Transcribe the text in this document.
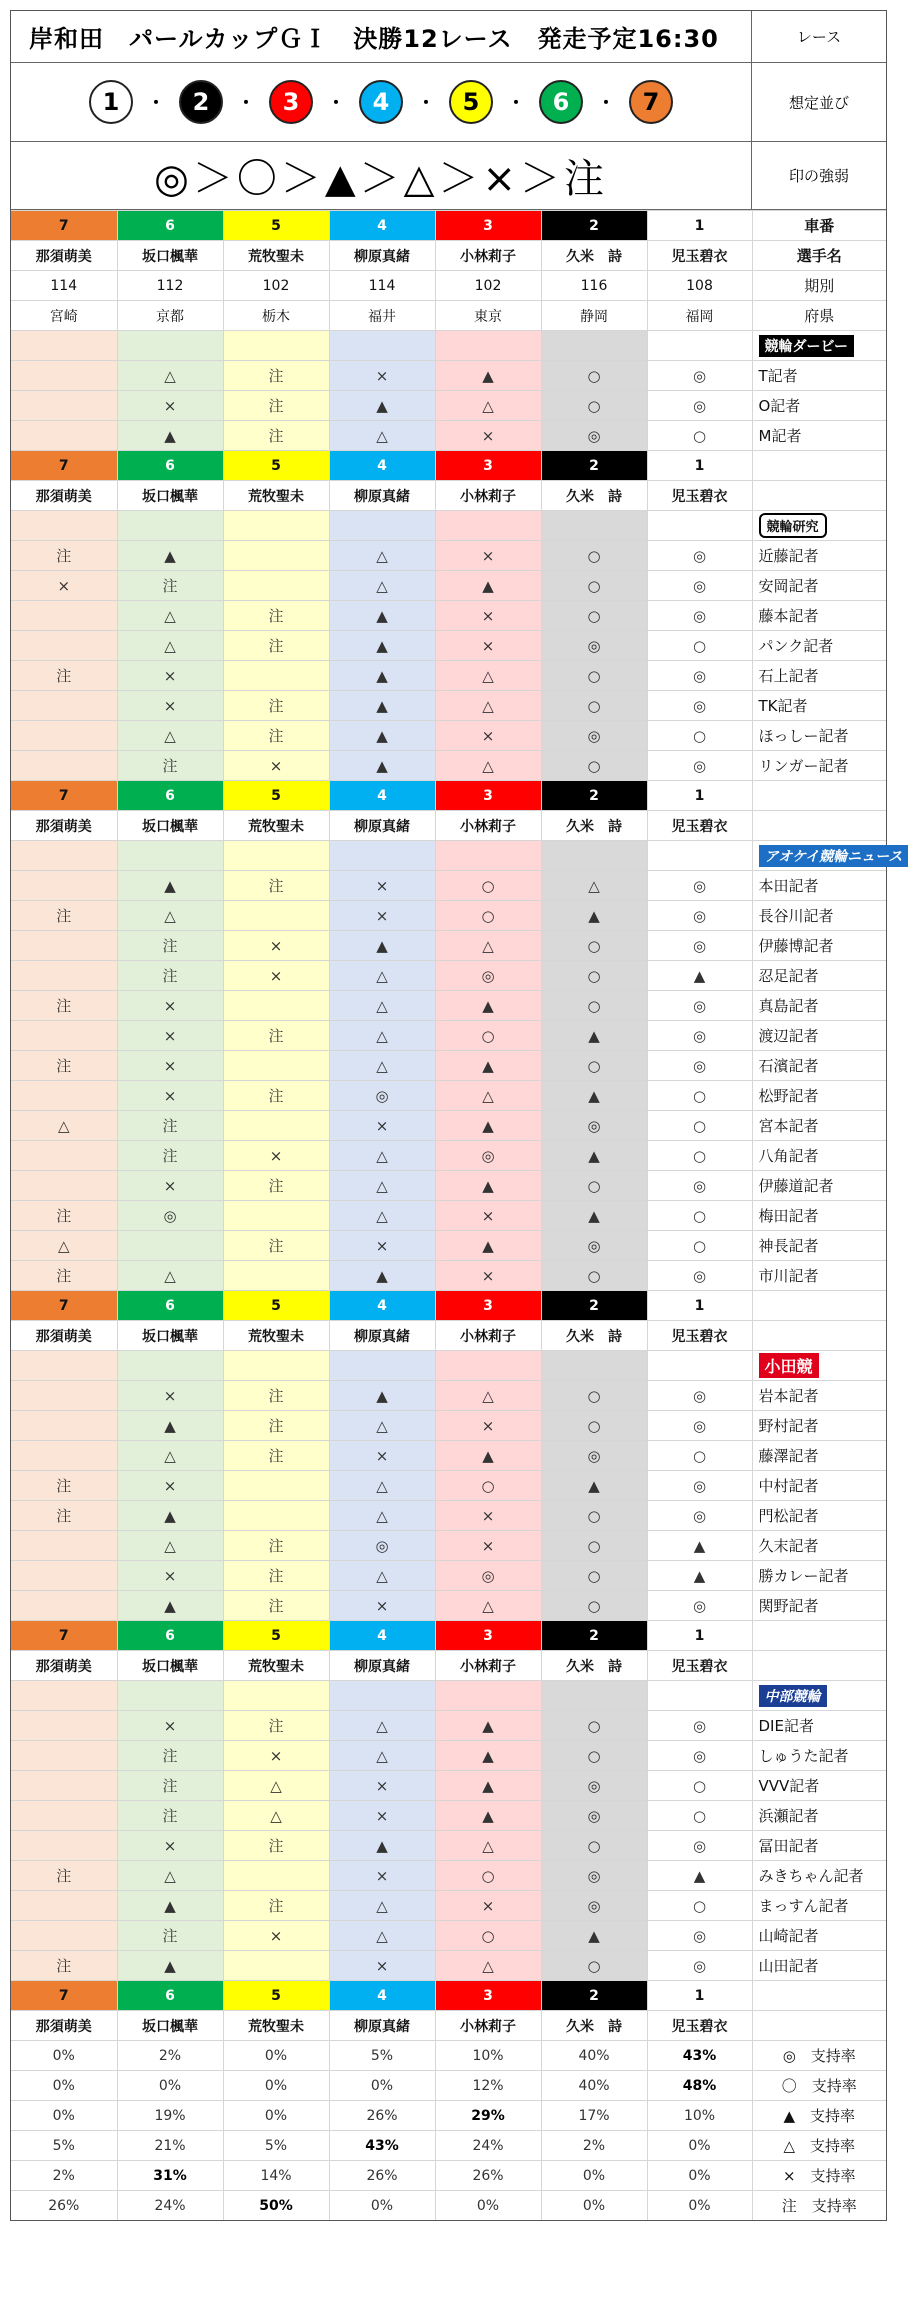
岸和田　パールカップＧＩ　決勝12レース　発走予定16:30	レース
1	・	2	・	3	・	4	・	5	・	6	・	7	想定並び
◎＞〇＞▲＞△＞×＞注	印の強弱
7	6	5	4	3	2	1	車番
那須萌美	坂口楓華	荒牧聖未	柳原真緒	小林莉子	久米　詩	児玉碧衣	選手名
114	112	102	114	102	116	108	期別
宮崎	京都	栃木	福井	東京	静岡	福岡	府県
							競輪ダービー
	△	注	×	▲	○	◎	T記者
	×	注	▲	△	○	◎	O記者
	▲	注	△	×	◎	○	M記者
7	6	5	4	3	2	1	
那須萌美	坂口楓華	荒牧聖未	柳原真緒	小林莉子	久米　詩	児玉碧衣	
							競輪研究
注	▲		△	×	○	◎	近藤記者
×	注		△	▲	○	◎	安岡記者
	△	注	▲	×	○	◎	藤本記者
	△	注	▲	×	◎	○	パンク記者
注	×		▲	△	○	◎	石上記者
	×	注	▲	△	○	◎	TK記者
	△	注	▲	×	◎	○	ほっしー記者
	注	×	▲	△	○	◎	リンガー記者
7	6	5	4	3	2	1	
那須萌美	坂口楓華	荒牧聖未	柳原真緒	小林莉子	久米　詩	児玉碧衣	
							アオケイ競輪ニュース
	▲	注	×	○	△	◎	本田記者
注	△		×	○	▲	◎	長谷川記者
	注	×	▲	△	○	◎	伊藤博記者
	注	×	△	◎	○	▲	忍足記者
注	×		△	▲	○	◎	真島記者
	×	注	△	○	▲	◎	渡辺記者
注	×		△	▲	○	◎	石濱記者
	×	注	◎	△	▲	○	松野記者
△	注		×	▲	◎	○	宮本記者
	注	×	△	◎	▲	○	八角記者
	×	注	△	▲	○	◎	伊藤道記者
注	◎		△	×	▲	○	梅田記者
△		注	×	▲	◎	○	神長記者
注	△		▲	×	○	◎	市川記者
7	6	5	4	3	2	1	
那須萌美	坂口楓華	荒牧聖未	柳原真緒	小林莉子	久米　詩	児玉碧衣	
							小田競
	×	注	▲	△	○	◎	岩本記者
	▲	注	△	×	○	◎	野村記者
	△	注	×	▲	◎	○	藤澤記者
注	×		△	○	▲	◎	中村記者
注	▲		△	×	○	◎	門松記者
	△	注	◎	×	○	▲	久末記者
	×	注	△	◎	○	▲	勝カレー記者
	▲	注	×	△	○	◎	関野記者
7	6	5	4	3	2	1	
那須萌美	坂口楓華	荒牧聖未	柳原真緒	小林莉子	久米　詩	児玉碧衣	
							中部競輪
	×	注	△	▲	○	◎	DIE記者
	注	×	△	▲	○	◎	しゅうた記者
	注	△	×	▲	◎	○	VVV記者
	注	△	×	▲	◎	○	浜瀬記者
	×	注	▲	△	○	◎	冨田記者
注	△		×	○	◎	▲	みきちゃん記者
	▲	注	△	×	◎	○	まっすん記者
	注	×	△	○	▲	◎	山崎記者
注	▲		×	△	○	◎	山田記者
7	6	5	4	3	2	1	
那須萌美	坂口楓華	荒牧聖未	柳原真緒	小林莉子	久米　詩	児玉碧衣	
0%	2%	0%	5%	10%	40%	43%	◎　支持率
0%	0%	0%	0%	12%	40%	48%	〇　支持率
0%	19%	0%	26%	29%	17%	10%	▲　支持率
5%	21%	5%	43%	24%	2%	0%	△　支持率
2%	31%	14%	26%	26%	0%	0%	×　支持率
26%	24%	50%	0%	0%	0%	0%	注　支持率
